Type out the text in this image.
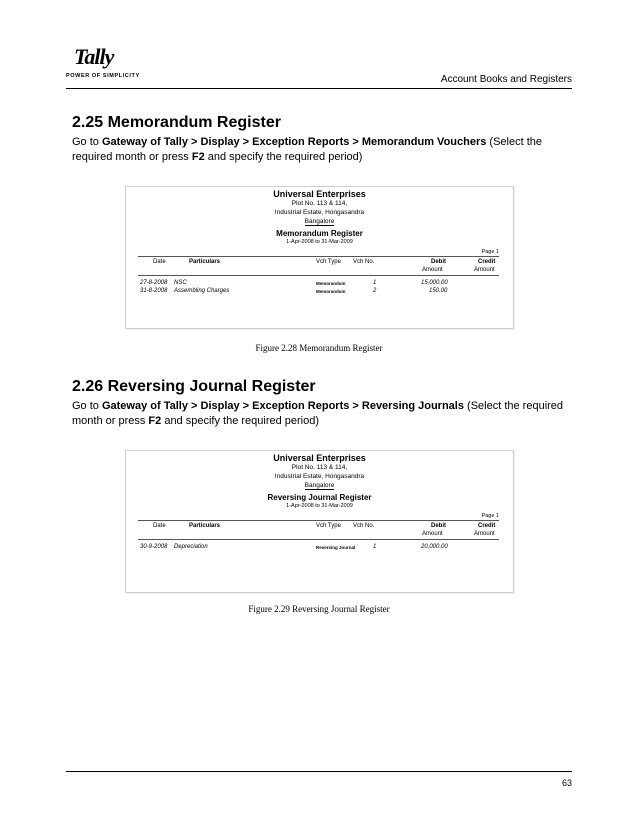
Tally
POWER OF SIMPLICITY	Account Books and Registers
2.25 Memorandum Register
Go to Gateway of Tally > Display > Exception Reports > Memorandum Vouchers (Select the required month or press F2 and specify the required period)
Universal Enterprises
Plot No. 113 & 114,
Industrial Estate, Hongasandra
Bangalore
Memorandum Register
1-Apr-2008 to 31-Mar-2009
Page 1
Date	Particulars	Vch Type Vch No.	Debit	Credit
Amount	Amount
27-8-2008 NSC	Memorandum	1	15,000.00
31-8-2008 Assembling Charges	Memorandum	2	150.00
Figure 2.28 Memorandum Register
2.26 Reversing Journal Register
Go to Gateway of Tally > Display > Exception Reports > Reversing Journals (Select the required month or press F2 and specify the required period)
Universal Enterprises
Plot No. 113 & 114,
Industrial Estate, Hongasandra
Bangalore
Reversing Journal Register
1-Apr-2008 to 31-Mar-2009
Page 1
Date	Particulars	Vch Type Vch No.	Debit	Credit
Amount	Amount
30-9-2008 Depreciation	Reversing Journal	1	20,000.00
Figure 2.29 Reversing Journal Register
63
